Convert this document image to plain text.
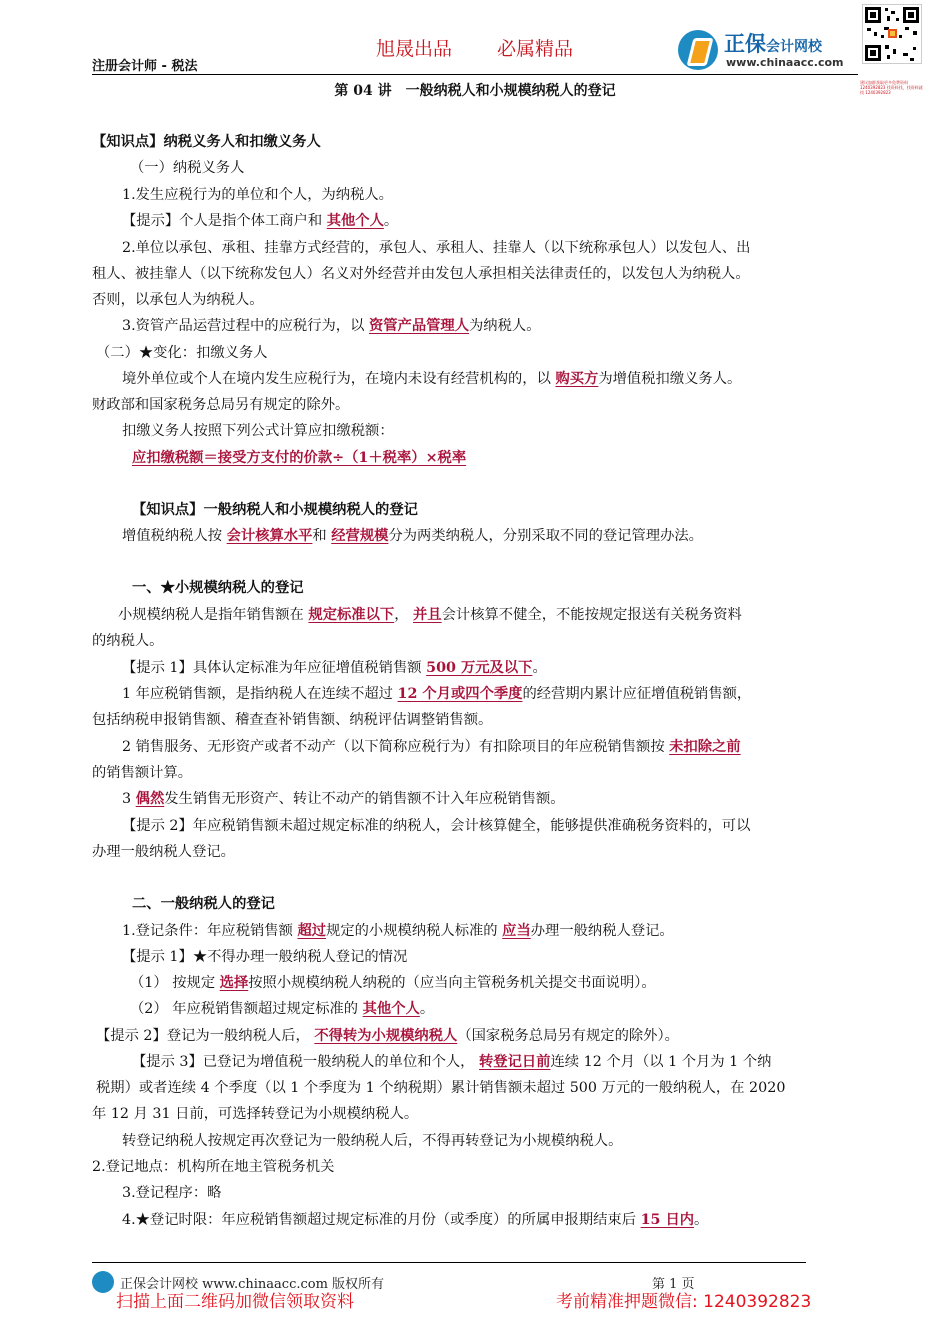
旭晟出品 必属精品
注册会计师 - 税法
正保会计网校
www.chinaacc.com
建议加群获取更多免费资料 1240392823 找资料找，找资料就找 1240392823
第 04 讲　一般纳税人和小规模纳税人的登记
【知识点】纳税义务人和扣缴义务人
（一）纳税义务人
1.发生应税行为的单位和个人，为纳税人。
【提示】个人是指个体工商户和 其他个人。
2.单位以承包、承租、挂靠方式经营的，承包人、承租人、挂靠人（以下统称承包人）以发包人、出
租人、被挂靠人（以下统称发包人）名义对外经营并由发包人承担相关法律责任的，以发包人为纳税人。
否则，以承包人为纳税人。
3.资管产品运营过程中的应税行为，以 资管产品管理人为纳税人。
（二）★变化：扣缴义务人
境外单位或个人在境内发生应税行为，在境内未设有经营机构的，以 购买方为增值税扣缴义务人。
财政部和国家税务总局另有规定的除外。
扣缴义务人按照下列公式计算应扣缴税额：
应扣缴税额＝接受方支付的价款÷（1＋税率）×税率
【知识点】一般纳税人和小规模纳税人的登记
增值税纳税人按 会计核算水平和 经营规模分为两类纳税人，分别采取不同的登记管理办法。
一、★小规模纳税人的登记
小规模纳税人是指年销售额在 规定标准以下， 并且会计核算不健全，不能按规定报送有关税务资料
的纳税人。
【提示 1】具体认定标准为年应征增值税销售额 500 万元及以下。
1 年应税销售额，是指纳税人在连续不超过 12 个月或四个季度的经营期内累计应征增值税销售额，
包括纳税申报销售额、稽查查补销售额、纳税评估调整销售额。
2 销售服务、无形资产或者不动产（以下简称应税行为）有扣除项目的年应税销售额按 未扣除之前
的销售额计算。
3 偶然发生销售无形资产、转让不动产的销售额不计入年应税销售额。
【提示 2】年应税销售额未超过规定标准的纳税人，会计核算健全，能够提供准确税务资料的，可以
办理一般纳税人登记。
二、一般纳税人的登记
1.登记条件：年应税销售额 超过规定的小规模纳税人标准的 应当办理一般纳税人登记。
【提示 1】★不得办理一般纳税人登记的情况
（1） 按规定 选择按照小规模纳税人纳税的（应当向主管税务机关提交书面说明）。
（2） 年应税销售额超过规定标准的 其他个人。
【提示 2】登记为一般纳税人后， 不得转为小规模纳税人（国家税务总局另有规定的除外）。
【提示 3】已登记为增值税一般纳税人的单位和个人， 转登记日前连续 12 个月（以 1 个月为 1 个纳
税期）或者连续 4 个季度（以 1 个季度为 1 个纳税期）累计销售额未超过 500 万元的一般纳税人，在 2020
年 12 月 31 日前，可选择转登记为小规模纳税人。
转登记纳税人按规定再次登记为一般纳税人后，不得再转登记为小规模纳税人。
2.登记地点：机构所在地主管税务机关
3.登记程序：略
4.★登记时限：年应税销售额超过规定标准的月份（或季度）的所属申报期结束后 15 日内。
正保会计网校 www.chinaacc.com 版权所有	第 1 页
扫描上面二维码加微信领取资料	考前精准押题微信: 1240392823
